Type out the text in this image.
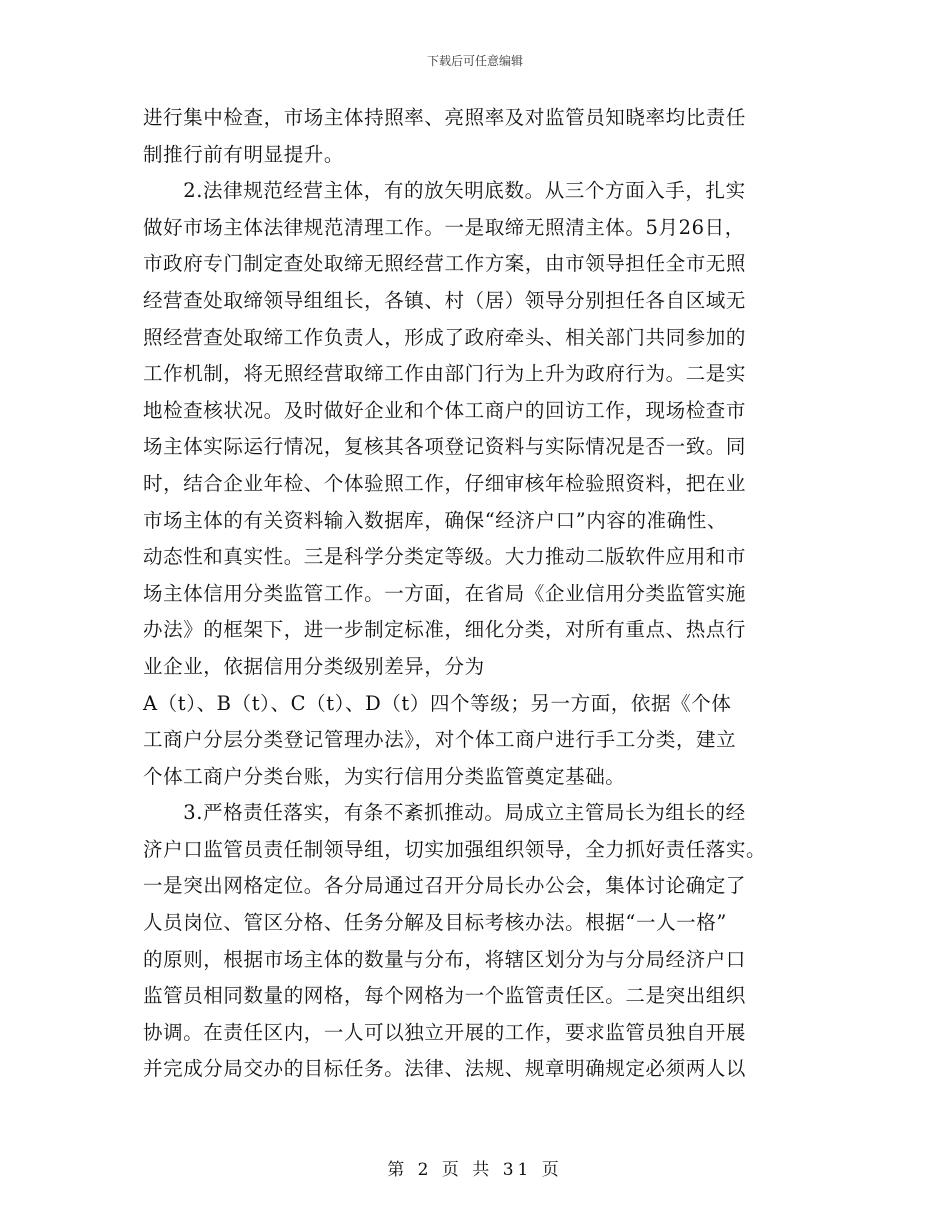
下载后可任意编辑
进行集中检查，市场主体持照率、亮照率及对监管员知晓率均比责任
制推行前有明显提升。
　　2.法律规范经营主体，有的放矢明底数。从三个方面入手，扎实
做好市场主体法律规范清理工作。一是取缔无照清主体。5月26日，
市政府专门制定查处取缔无照经营工作方案，由市领导担任全市无照
经营查处取缔领导组组长，各镇、村（居）领导分别担任各自区域无
照经营查处取缔工作负责人，形成了政府牵头、相关部门共同参加的
工作机制，将无照经营取缔工作由部门行为上升为政府行为。二是实
地检查核状况。及时做好企业和个体工商户的回访工作，现场检查市
场主体实际运行情况，复核其各项登记资料与实际情况是否一致。同
时，结合企业年检、个体验照工作，仔细审核年检验照资料，把在业
市场主体的有关资料输入数据库，确保“经济户口”内容的准确性、
动态性和真实性。三是科学分类定等级。大力推动二版软件应用和市
场主体信用分类监管工作。一方面，在省局《企业信用分类监管实施
办法》的框架下，进一步制定标准，细化分类，对所有重点、热点行
业企业，依据信用分类级别差异，分为
A（t）、B（t）、C（t）、D（t）四个等级；另一方面，依据《个体
工商户分层分类登记管理办法》，对个体工商户进行手工分类，建立
个体工商户分类台账，为实行信用分类监管奠定基础。
　　3.严格责任落实，有条不紊抓推动。局成立主管局长为组长的经
济户口监管员责任制领导组，切实加强组织领导，全力抓好责任落实。
一是突出网格定位。各分局通过召开分局长办公会，集体讨论确定了
人员岗位、管区分格、任务分解及目标考核办法。根据“一人一格”
的原则，根据市场主体的数量与分布，将辖区划分为与分局经济户口
监管员相同数量的网格，每个网格为一个监管责任区。二是突出组织
协调。在责任区内，一人可以独立开展的工作，要求监管员独自开展
并完成分局交办的目标任务。法律、法规、规章明确规定必须两人以
第 2 页 共 31 页
